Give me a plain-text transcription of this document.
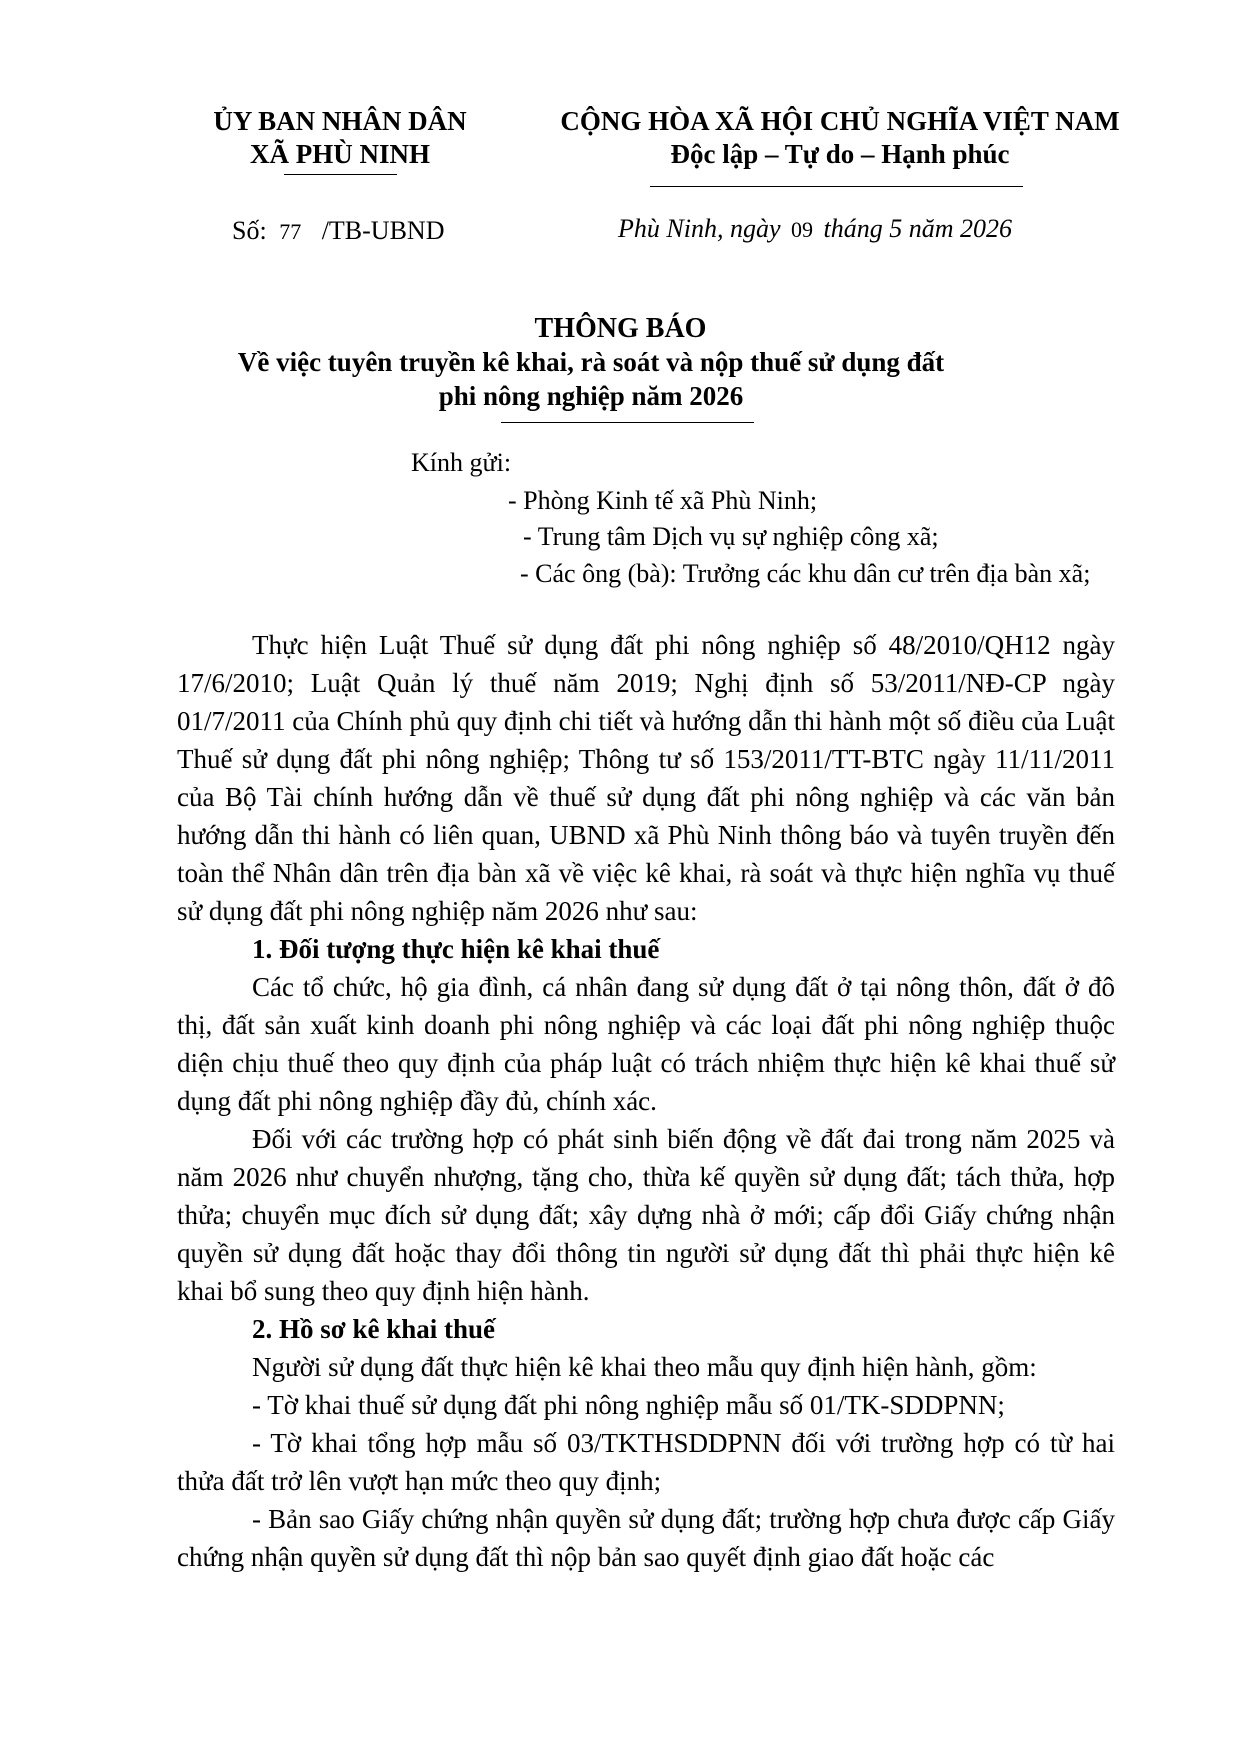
ỦY BAN NHÂN DÂN
XÃ PHÙ NINH
CỘNG HÒA XÃ HỘI CHỦ NGHĨA VIỆT NAM
Độc lập – Tự do – Hạnh phúc
Số: 77 /TB-UBND	Phù Ninh, ngày 09 tháng 5 năm 2026
THÔNG BÁO
Về việc tuyên truyền kê khai, rà soát và nộp thuế sử dụng đất
phi nông nghiệp năm 2026
Kính gửi:
- Phòng Kinh tế xã Phù Ninh;
- Trung tâm Dịch vụ sự nghiệp công xã;
- Các ông (bà): Trưởng các khu dân cư trên địa bàn xã;

Thực hiện Luật Thuế sử dụng đất phi nông nghiệp số 48/2010/QH12 ngày 17/6/2010; Luật Quản lý thuế năm 2019; Nghị định số 53/2011/NĐ-CP ngày 01/7/2011 của Chính phủ quy định chi tiết và hướng dẫn thi hành một số điều của Luật Thuế sử dụng đất phi nông nghiệp; Thông tư số 153/2011/TT-BTC ngày 11/11/2011 của Bộ Tài chính hướng dẫn về thuế sử dụng đất phi nông nghiệp và các văn bản hướng dẫn thi hành có liên quan, UBND xã Phù Ninh thông báo và tuyên truyền đến toàn thể Nhân dân trên địa bàn xã về việc kê khai, rà soát và thực hiện nghĩa vụ thuế sử dụng đất phi nông nghiệp năm 2026 như sau:

1. Đối tượng thực hiện kê khai thuế

Các tổ chức, hộ gia đình, cá nhân đang sử dụng đất ở tại nông thôn, đất ở đô thị, đất sản xuất kinh doanh phi nông nghiệp và các loại đất phi nông nghiệp thuộc diện chịu thuế theo quy định của pháp luật có trách nhiệm thực hiện kê khai thuế sử dụng đất phi nông nghiệp đầy đủ, chính xác.

Đối với các trường hợp có phát sinh biến động về đất đai trong năm 2025 và năm 2026 như chuyển nhượng, tặng cho, thừa kế quyền sử dụng đất; tách thửa, hợp thửa; chuyển mục đích sử dụng đất; xây dựng nhà ở mới; cấp đổi Giấy chứng nhận quyền sử dụng đất hoặc thay đổi thông tin người sử dụng đất thì phải thực hiện kê khai bổ sung theo quy định hiện hành.

2. Hồ sơ kê khai thuế

Người sử dụng đất thực hiện kê khai theo mẫu quy định hiện hành, gồm:

- Tờ khai thuế sử dụng đất phi nông nghiệp mẫu số 01/TK-SDDPNN;

- Tờ khai tổng hợp mẫu số 03/TKTHSDDPNN đối với trường hợp có từ hai thửa đất trở lên vượt hạn mức theo quy định;

- Bản sao Giấy chứng nhận quyền sử dụng đất; trường hợp chưa được cấp Giấy chứng nhận quyền sử dụng đất thì nộp bản sao quyết định giao đất hoặc các
